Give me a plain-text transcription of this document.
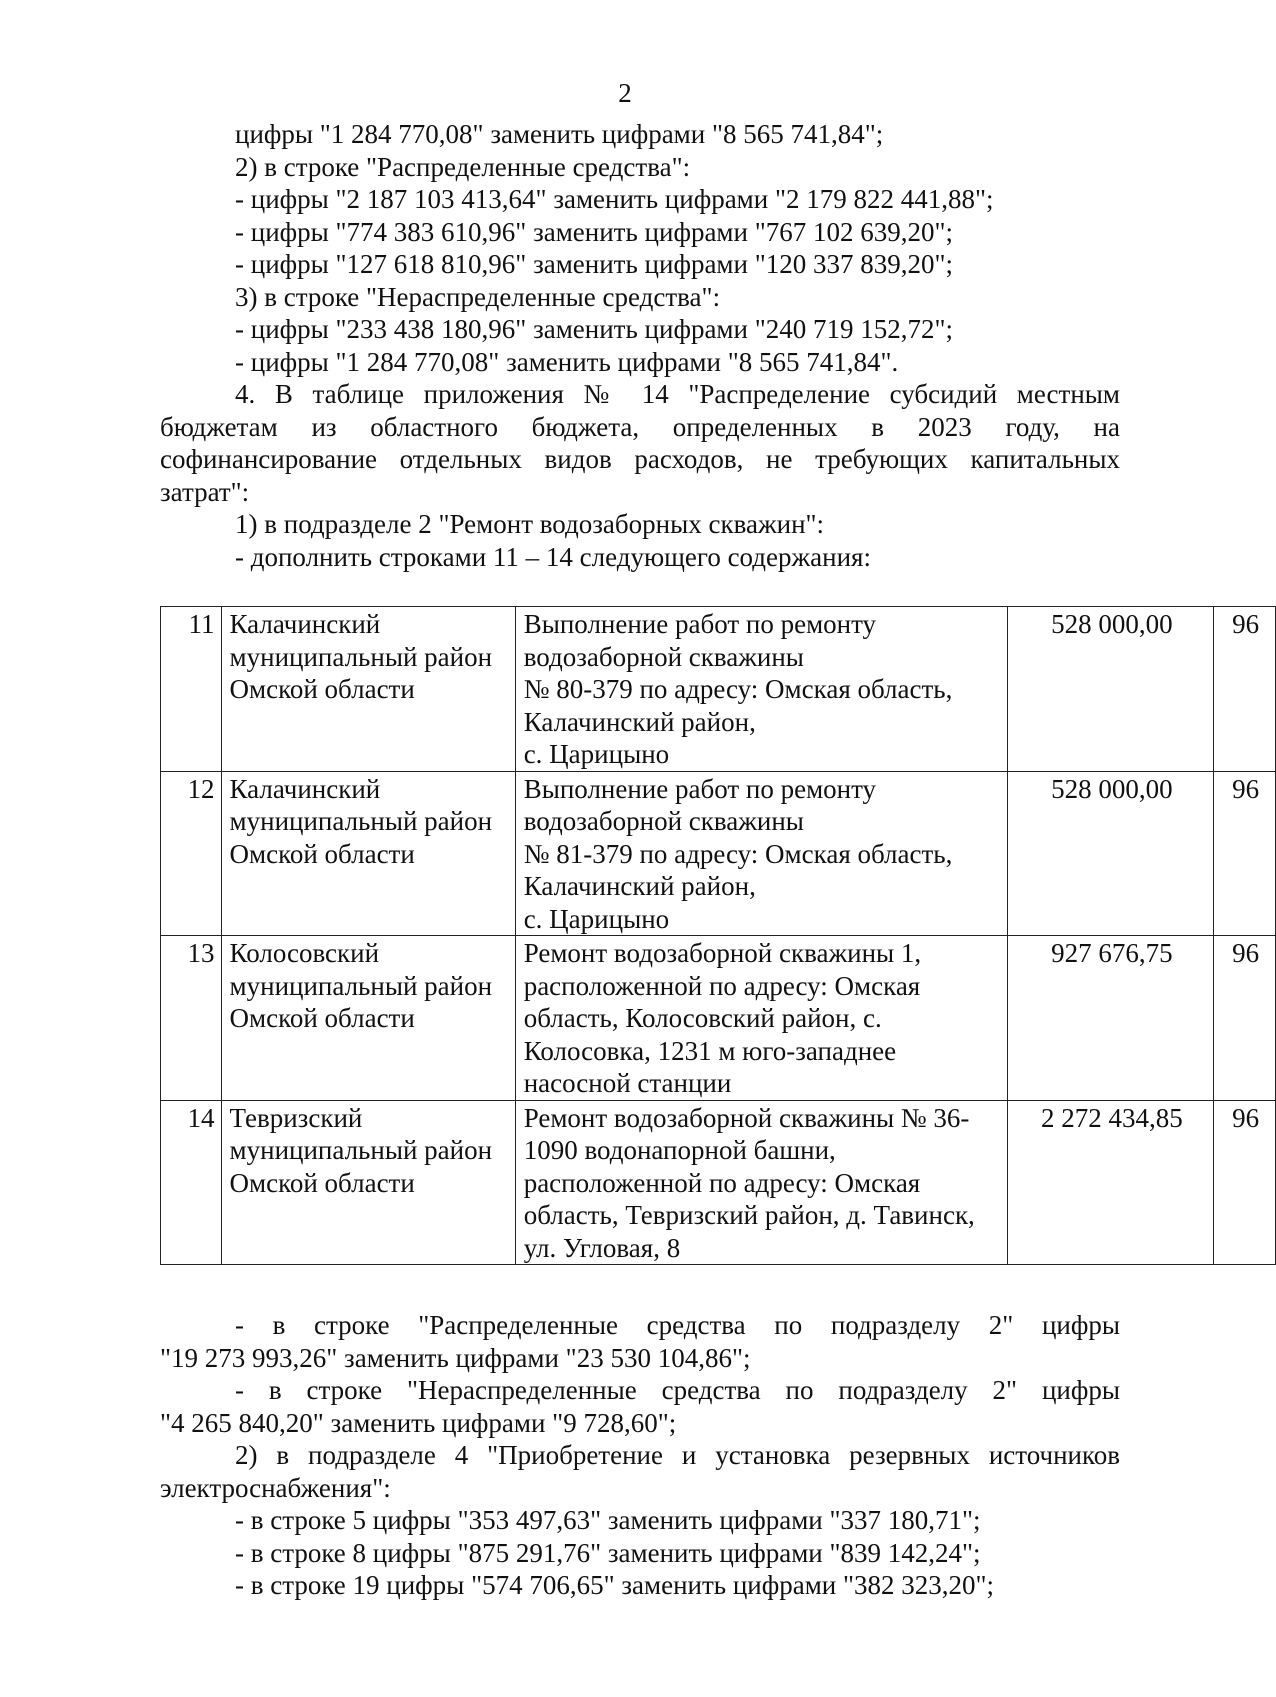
2
цифры "1 284 770,08" заменить цифрами "8 565 741,84";
2) в строке "Распределенные средства":
- цифры "2 187 103 413,64" заменить цифрами "2 179 822 441,88";
- цифры "774 383 610,96" заменить цифрами "767 102 639,20";
- цифры "127 618 810,96" заменить цифрами "120 337 839,20";
3) в строке "Нераспределенные средства":
- цифры "233 438 180,96" заменить цифрами "240 719 152,72";
- цифры "1 284 770,08" заменить цифрами "8 565 741,84".
4. В таблице приложения № 14 "Распределение субсидий местным
бюджетам из областного бюджета, определенных в 2023 году, на
софинансирование отдельных видов расходов, не требующих капитальных
затрат":
1) в подразделе 2 "Ремонт водозаборных скважин":
- дополнить строками 11 – 14 следующего содержания:
11	Калачинский муниципальный район Омской области	Выполнение работ по ремонту водозаборной скважины
№ 80-379 по адресу: Омская область, Калачинский район,
с. Царицыно	528 000,00	96
12	Калачинский муниципальный район Омской области	Выполнение работ по ремонту водозаборной скважины
№ 81-379 по адресу: Омская область, Калачинский район,
с. Царицыно	528 000,00	96
13	Колосовский муниципальный район Омской области	Ремонт водозаборной скважины 1, расположенной по адресу: Омская область, Колосовский район, с. Колосовка, 1231 м юго-западнее насосной станции	927 676,75	96
14	Тевризский муниципальный район Омской области	Ремонт водозаборной скважины № 36-1090 водонапорной башни, расположенной по адресу: Омская область, Тевризский район, д. Тавинск, ул. Угловая, 8	2 272 434,85	96
- в строке "Распределенные средства по подразделу 2" цифры
"19 273 993,26" заменить цифрами "23 530 104,86";
- в строке "Нераспределенные средства по подразделу 2" цифры
"4 265 840,20" заменить цифрами "9 728,60";
2) в подразделе 4 "Приобретение и установка резервных источников
электроснабжения":
- в строке 5 цифры "353 497,63" заменить цифрами "337 180,71";
- в строке 8 цифры "875 291,76" заменить цифрами "839 142,24";
- в строке 19 цифры "574 706,65" заменить цифрами "382 323,20";
